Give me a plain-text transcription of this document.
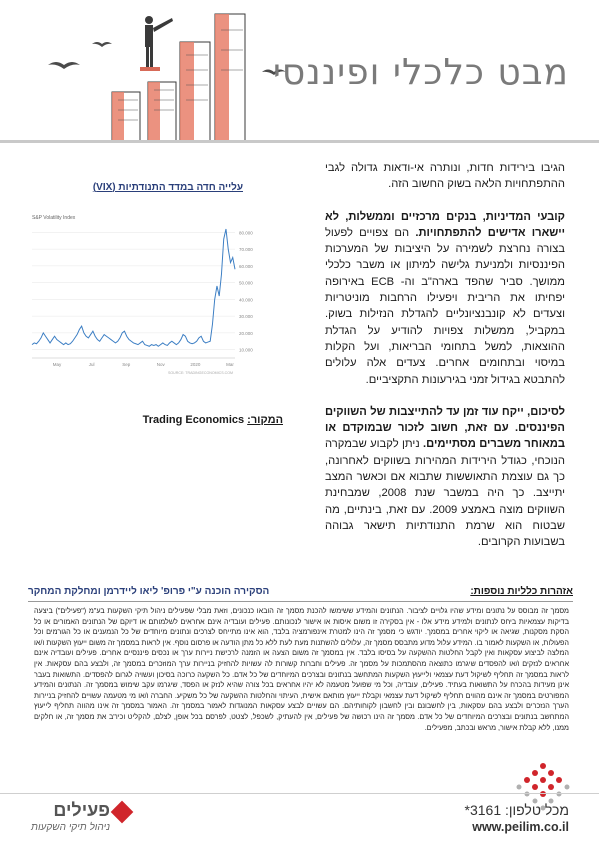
מבט כלכלי ופיננסי

הגיבו בירידות חדות, ונותרה אי-ודאות גדולה לגבי ההתפתחויות הלאה בשוק החשוב הזה.

קובעי המדיניות, בנקים מרכזיים וממשלות, לא יישארו אדישים להתפתחויות. הם צפויים לפעול בצורה נחרצת לשמירה על היציבות של המערכות הפיננסיות ולמניעת גלישה למיתון או משבר כלכלי ממושך. סביר שהפד בארה"ב וה- ECB באירופה יפחיתו את הריבית ויפעילו הרחבות מוניטריות וצעדים לא קונבנציונליים להגדלת הנזילות בשוק. במקביל, ממשלות צפויות להודיע על הגדלת ההוצאות, למשל בתחומי הבריאות, ועל הקלות במיסוי ובתחומים אחרים. צעדים אלה עלולים להתבטא בגידול זמני בגירעונות התקציביים.

לסיכום, ייקח עוד זמן עד להתייצבות של השווקים הפיננסים. עם זאת, חשוב לזכור שבמוקדם או במאוחר משברים מסתיימים. ניתן לקבוע שבמקרה הנוכחי, כגודל הירידות המהירות בשווקים לאחרונה, כך גם עוצמת התאוששות שתבוא אם וכאשר המצב יתייצב. כך היה במשבר שנת 2008, שמבחינת השווקים מוצה באמצע 2009. עם זאת, בינתיים, מה שבטוח הוא שרמת התנודתיות תישאר גבוהה בשבועות הקרובים.

עלייה חדה במדד התנודתיות (VIX)
S&P Volatility Index
80.000
70.000
60.000
50.000
40.000
30.000
20.000
10.000
May	Jul	Sep	Nov	2020	Mar
SOURCE: TRADINGECONOMICS.COM
המקור: Trading Economics
אזהרות כלליות נוספות:
הסקירה הוכנה ע"י פרופ' ליאו ליידרמן ומחלקת המחקר
מסמך זה מבוסס על נתונים ומידע שהיו גלויים לציבור. הנתונים והמידע ששימשו להכנת מסמך זה הובאו כנכונים, וזאת מבלי שפעילים ניהול תיקי השקעות בע"מ ("פעילים") ביצעה בדיקות עצמאיות ביחס לנתונים ולמידע מידע אלו - אין בסקירה זו משום איסות או אישור לנכונותם. פעילים ועובדיה אינם אחראים לשלמותם או דיוקם של הנתונים האמורים או כל הסקת מסקנות, שגיאה או ליקוי אחרים במסמך. יודגש כי מסמך זה הינו למטרת אינפורמציה בלבד, הוא אינו מתייחס לצרכים ונתונים מיוחדים של כל הנמענים או כל הגורמים וכל הפעולות, או השקעות לאמור בו. המידע עלול מדוע מתבסס מסמך זה, עלולים להשתנות מעת לעת ללא כל מתן הודעה או פרסום נוסף. אין לראות במסמך זה משום ייעוץ השקעות ו/או המלצה לביצוע עסקאות ואין לקבל החלטות ההשקעה על בסיסו בלבד. אין במסמך זה משום הצעה או הזמנה לרכישת ניירות ערך או נכסים פיננסיים אחרים. פעילים ועובדיה אינם אחראים לנזקים ו/או להפסדים שיגרמו כתוצאה מהסתמכות על מסמך זה. פעילים וחברות קשורות לה עשויות להחזיק בניירות ערך המוזכרים במסמך זה, ולבצע בהם עסקאות. אין לראות במסמך זה תחליף לשיקול דעת עצמאי ולייעוץ השקעות המתחשב בנתונים ובצרכים המיוחדים של כל אדם. כל השקעה כרוכה בסיכון ועשויה לגרום להפסדים. התשואות בעבר אינן מעידות בהכרח על התשואות בעתיד. פעילים, עובדיה, וכל מי שפועל מטעמה לא יהיו אחראים בכל צורה שהיא לנזק או הפסד, שיגרמו עקב שימוש במסמך זה. הנתונים והמידע המפורטים במסמך זה אינם מהווים תחליף לשיקול דעת עצמאי וקבלת ייעוץ מותאם אישית, העיתוי והחלטות ההשקעה של כל משקיע. החברה ו/או מי מטעמה עשויים להחזיק בניירות הערך הנזכרים ולבצע בהם עסקאות, בין לחשבונם ובין לחשבון לקוחותיהם. הם עשויים לבצע עסקאות המנוגדות לאמור במסמך זה. האמור במסמך זה אינו מהווה תחליף לייעוץ המתחשב בנתונים ובצרכים המיוחדים של כל אדם. מסמך זה הינו רכושה של פעילים, אין להעתיק, לשכפל, לצטט, לפרסם בכל אופן, לצלם, להקליט וכיו"ב את מסמך זה, או חלקים ממנו, ללא קבלת אישור, מראש ובכתב, מפעילים.
פעילים
ניהול תיקי השקעות
מכל טלפון: 3161*
www.peilim.co.il
